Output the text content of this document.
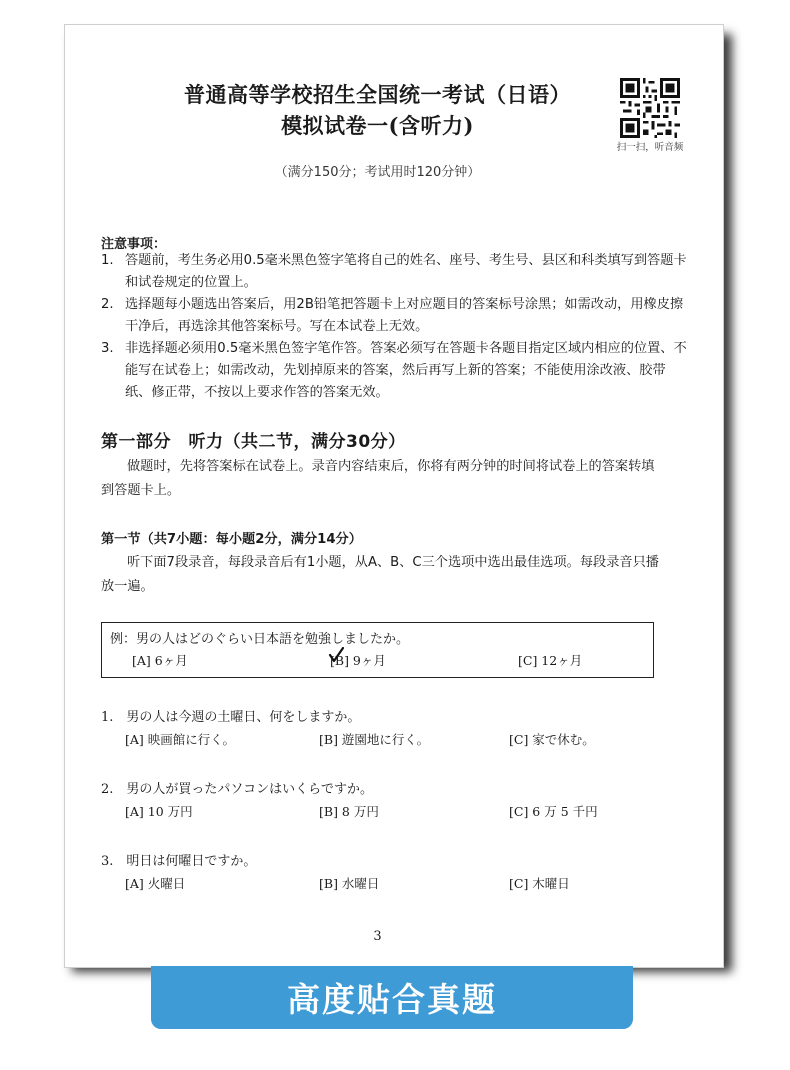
普通高等学校招生全国统一考试（日语）
模拟试卷一(含听力)
扫一扫，听音频
（满分150分；考试用时120分钟）
注意事项：
1. 答题前，考生务必用0.5毫米黑色签字笔将自己的姓名、座号、考生号、县区和科类填写到答题卡和试卷规定的位置上。
2. 选择题每小题选出答案后，用2B铅笔把答题卡上对应题目的答案标号涂黑；如需改动，用橡皮擦干净后，再选涂其他答案标号。写在本试卷上无效。
3. 非选择题必须用0.5毫米黑色签字笔作答。答案必须写在答题卡各题目指定区域内相应的位置、不能写在试卷上；如需改动，先划掉原来的答案，然后再写上新的答案；不能使用涂改液、胶带纸、修正带，不按以上要求作答的答案无效。
第一部分　听力（共二节，满分30分）
做题时，先将答案标在试卷上。录音内容结束后，你将有两分钟的时间将试卷上的答案转填到答题卡上。
第一节（共7小题：每小题2分，满分14分）
听下面7段录音，每段录音后有1小题，从A、B、C三个选项中选出最佳选项。每段录音只播放一遍。
例：男の人はどのぐらい日本語を勉強しましたか。
[A] 6ヶ月	[B] 9ヶ月	[C] 12ヶ月
1.　男の人は今週の土曜日、何をしますか。
[A] 映画館に行く。	[B] 遊園地に行く。	[C] 家で休む。
2.　男の人が買ったパソコンはいくらですか。
[A] 10 万円	[B] 8 万円	[C] 6 万 5 千円
3.　明日は何曜日ですか。
[A] 火曜日	[B] 水曜日	[C] 木曜日
3
高度贴合真题
